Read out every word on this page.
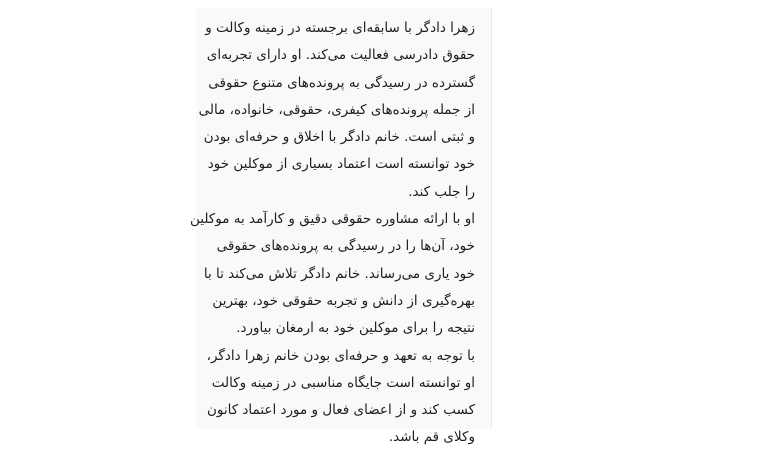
زهرا دادگر با سابقه‌ای برجسته در زمینه وکالت و
حقوق دادرسی فعالیت می‌کند. او دارای تجربه‌ای
گسترده در رسیدگی به پرونده‌های متنوع حقوقی
از جمله پرونده‌های کیفری، حقوقی، خانواده، مالی
و ثبتی است. خانم دادگر با اخلاق و حرفه‌ای بودن
خود توانسته است اعتماد بسیاری از موکلین خود
را جلب کند.
او با ارائه مشاوره حقوقی دقیق و کارآمد به موکلین
خود، آن‌ها را در رسیدگی به پرونده‌های حقوقی
خود یاری می‌رساند. خانم دادگر تلاش می‌کند تا با
بهره‌گیری از دانش و تجربه حقوقی خود، بهترین
نتیجه را برای موکلین خود به ارمغان بیاورد.
با توجه به تعهد و حرفه‌ای بودن خانم زهرا دادگر،
او توانسته است جایگاه مناسبی در زمینه وکالت
کسب کند و از اعضای فعال و مورد اعتماد کانون
وکلای قم باشد.
